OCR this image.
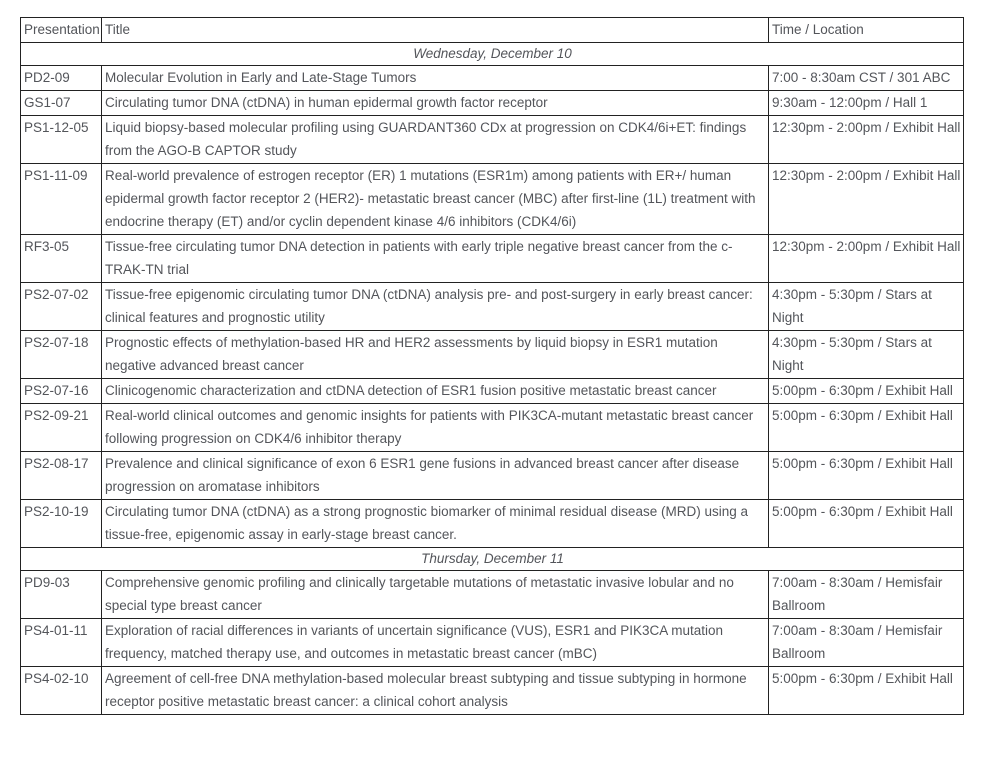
Presentation	Title	Time / Location
Wednesday, December 10		
PD2-09	Molecular Evolution in Early and Late-Stage Tumors	7:00 - 8:30am CST / 301 ABC
GS1-07	Circulating tumor DNA (ctDNA) in human epidermal growth factor receptor	9:30am - 12:00pm / Hall 1
PS1-12-05	Liquid biopsy-based molecular profiling using GUARDANT360 CDx at progression on CDK4/6i+ET: findings from the AGO-B CAPTOR study	12:30pm - 2:00pm / Exhibit Hall
PS1-11-09	Real-world prevalence of estrogen receptor (ER) 1 mutations (ESR1m) among patients with ER+/ human epidermal growth factor receptor 2 (HER2)- metastatic breast cancer (MBC) after first-line (1L) treatment with endocrine therapy (ET) and/or cyclin dependent kinase 4/6 inhibitors (CDK4/6i)	12:30pm - 2:00pm / Exhibit Hall
RF3-05	Tissue-free circulating tumor DNA detection in patients with early triple negative breast cancer from the c-TRAK-TN trial	12:30pm - 2:00pm / Exhibit Hall
PS2-07-02	Tissue-free epigenomic circulating tumor DNA (ctDNA) analysis pre- and post-surgery in early breast cancer: clinical features and prognostic utility	4:30pm - 5:30pm / Stars at Night
PS2-07-18	Prognostic effects of methylation-based HR and HER2 assessments by liquid biopsy in ESR1 mutation negative advanced breast cancer	4:30pm - 5:30pm / Stars at Night
PS2-07-16	Clinicogenomic characterization and ctDNA detection of ESR1 fusion positive metastatic breast cancer	5:00pm - 6:30pm / Exhibit Hall
PS2-09-21	Real-world clinical outcomes and genomic insights for patients with PIK3CA-mutant metastatic breast cancer following progression on CDK4/6 inhibitor therapy	5:00pm - 6:30pm / Exhibit Hall
PS2-08-17	Prevalence and clinical significance of exon 6 ESR1 gene fusions in advanced breast cancer after disease progression on aromatase inhibitors	5:00pm - 6:30pm / Exhibit Hall
PS2-10-19	Circulating tumor DNA (ctDNA) as a strong prognostic biomarker of minimal residual disease (MRD) using a tissue-free, epigenomic assay in early-stage breast cancer.	5:00pm - 6:30pm / Exhibit Hall
Thursday, December 11		
PD9-03	Comprehensive genomic profiling and clinically targetable mutations of metastatic invasive lobular and no special type breast cancer	7:00am - 8:30am / Hemisfair Ballroom
PS4-01-11	Exploration of racial differences in variants of uncertain significance (VUS), ESR1 and PIK3CA mutation frequency, matched therapy use, and outcomes in metastatic breast cancer (mBC)	7:00am - 8:30am / Hemisfair Ballroom
PS4-02-10	Agreement of cell-free DNA methylation-based molecular breast subtyping and tissue subtyping in hormone receptor positive metastatic breast cancer: a clinical cohort analysis	5:00pm - 6:30pm / Exhibit Hall
